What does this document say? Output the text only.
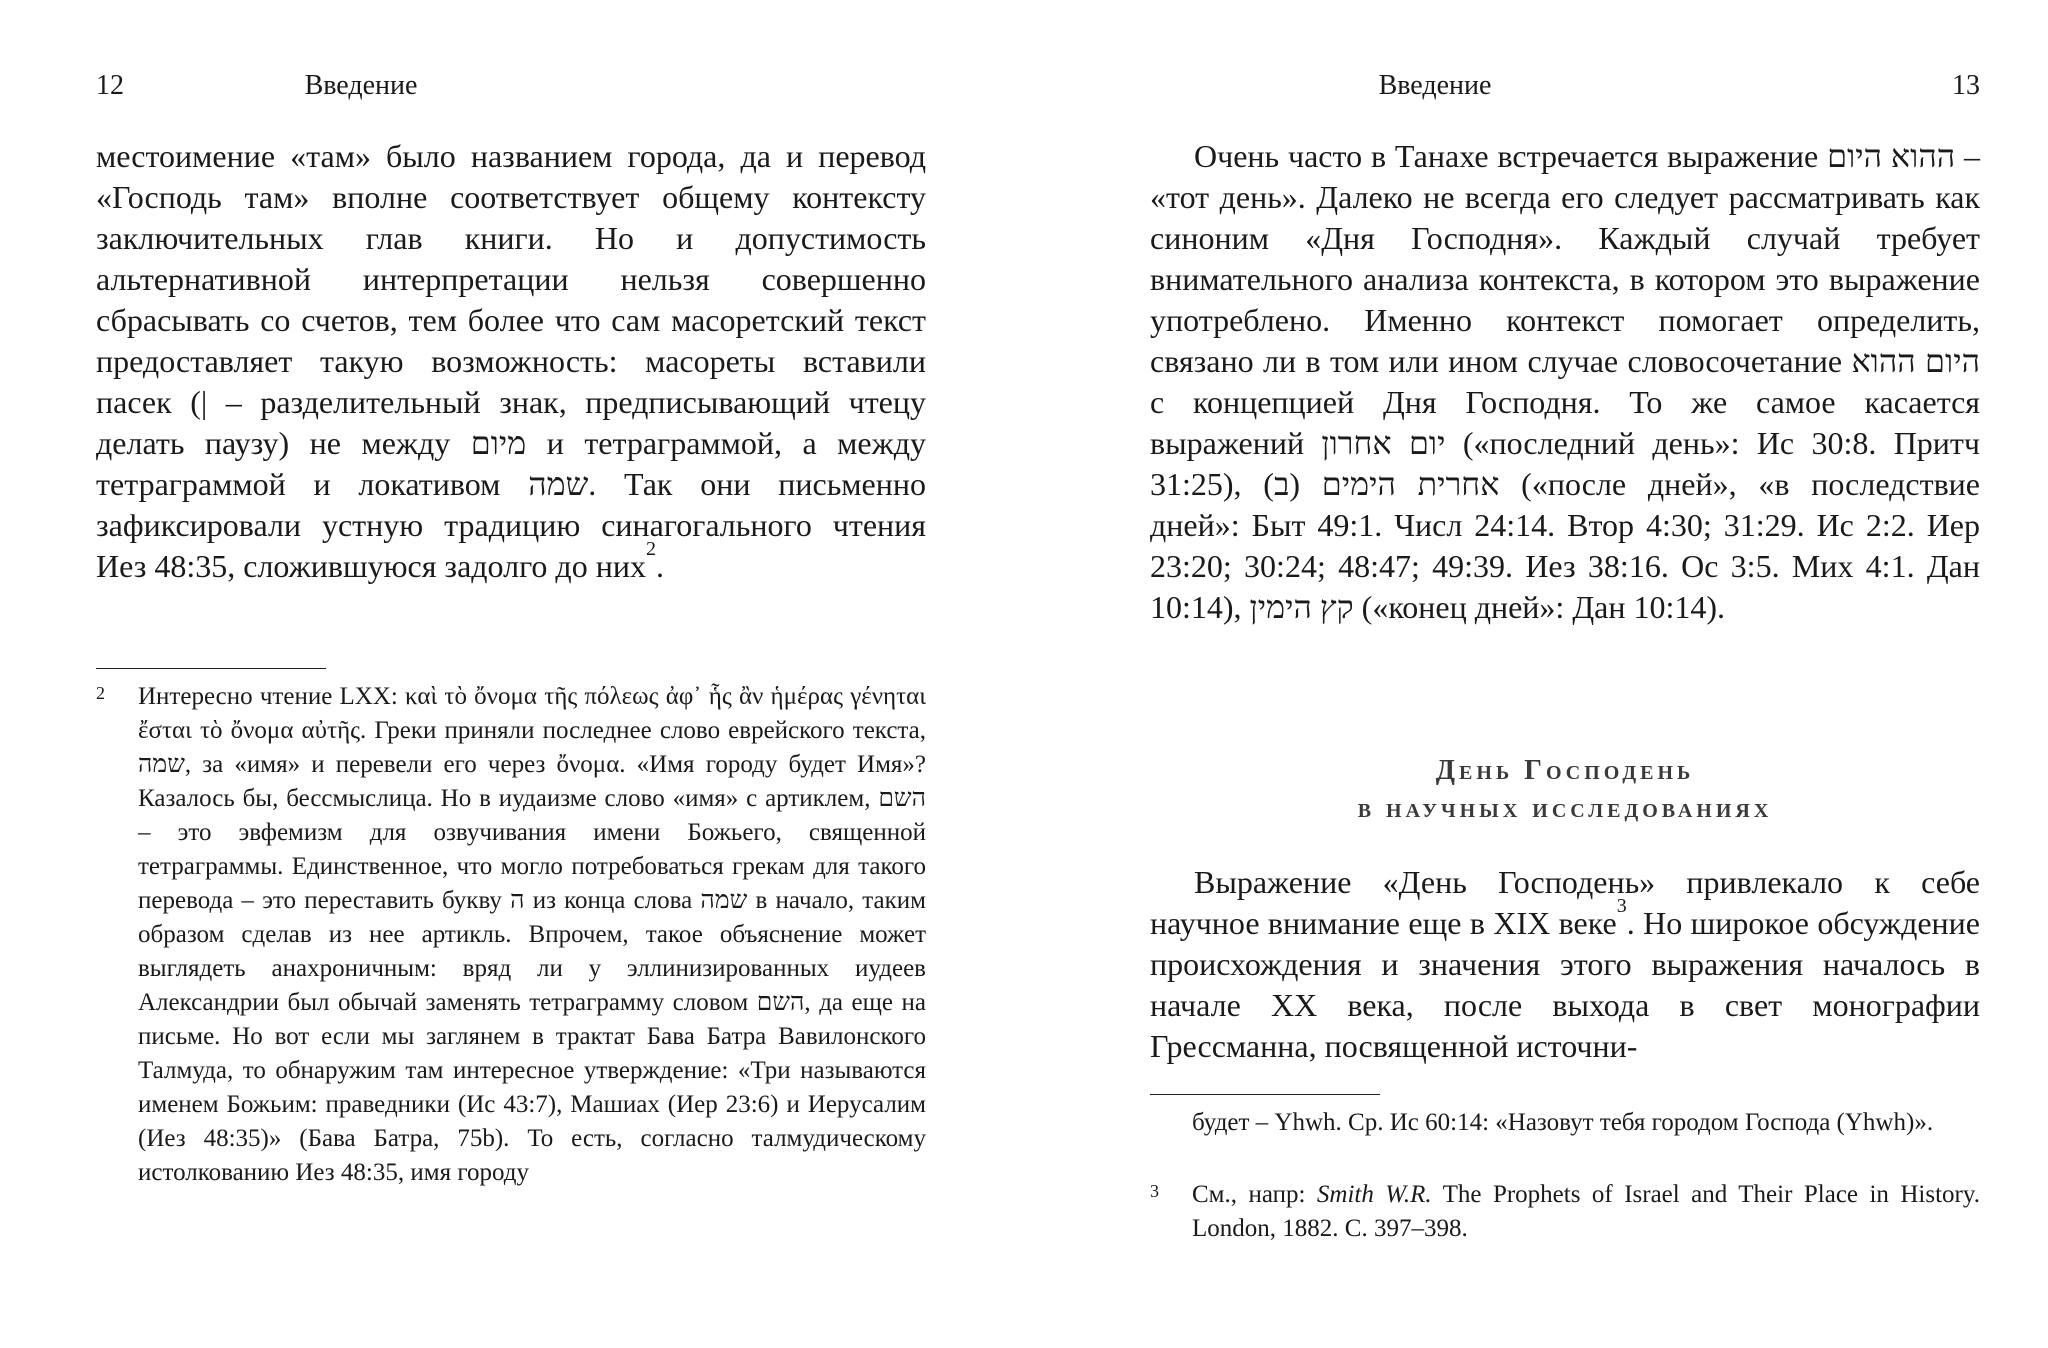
12	Введение

местоимение «там» было названием города, да и перевод «Господь там» вполне соответствует общему контексту заключительных глав книги. Но и допустимость альтернативной интерпретации нельзя совершенно сбрасывать со счетов, тем более что сам масоретский текст предоставляет такую возможность: масореты вставили пасек (| – разделительный знак, предписывающий чтецу делать паузу) не между מיום и тетраграммой, а между тетраграммой и локативом שמה. Так они письменно зафиксировали устную традицию синагогального чтения Иез 48:35, сложившуюся задолго до них$^2$.

2 Интересно чтение LXX: καὶ τὸ ὄνομα τῆς πόλεως ἀφ᾽ ἧς ἂν ἡμέρας γένηται ἔσται τὸ ὄνομα αὐτῆς. Греки приняли последнее слово еврейского текста, שמה, за «имя» и перевели его через ὄνομα. «Имя городу будет Имя»? Казалось бы, бессмыслица. Но в иудаизме слово «имя» с артиклем, השם – это эвфемизм для озвучивания имени Божьего, священной тетраграммы. Единственное, что могло потребоваться грекам для такого перевода – это переставить букву ה из конца слова שמה в начало, таким образом сделав из нее артикль. Впрочем, такое объяснение может выглядеть анахроничным: вряд ли у эллинизированных иудеев Александрии был обычай заменять тетраграмму словом השם, да еще на письме. Но вот если мы заглянем в трактат Бава Батра Вавилонского Талмуда, то обнаружим там интересное утверждение: «Три называются именем Божьим: праведники (Ис 43:7), Машиах (Иер 23:6) и Иерусалим (Иез 48:35)» (Бава Батра, 75b). То есть, согласно талмудическому истолкованию Иез 48:35, имя городу

Введение	13

Очень часто в Танахе встречается выражение ההוא היום – «тот день». Далеко не всегда его следует рассматривать как синоним «Дня Господня». Каждый случай требует внимательного анализа контекста, в котором это выражение употреблено. Именно контекст помогает определить, связано ли в том или ином случае словосочетание היום ההוא с концепцией Дня Господня. То же самое касается выражений יום אחרון («последний день»: Ис 30:8. Притч 31:25), (ב) אחרית הימים («после дней», «в последствие дней»: Быт 49:1. Числ 24:14. Втор 4:30; 31:29. Ис 2:2. Иер 23:20; 30:24; 48:47; 49:39. Иез 38:16. Ос 3:5. Мих 4:1. Дан 10:14), קץ הימין («конец дней»: Дан 10:14).

День Господень
в научных исследованиях

Выражение «День Господень» привлекало к себе научное внимание еще в XIX веке$^3$. Но широкое обсуждение происхождения и значения этого выражения началось в начале XX века, после выхода в свет монографии Грессманна, посвященной источни-

будет – Yhwh. Ср. Ис 60:14: «Назовут тебя городом Господа (Yhwh)».

3 См., напр: Smith W.R. The Prophets of Israel and Their Place in History. London, 1882. С. 397–398.
